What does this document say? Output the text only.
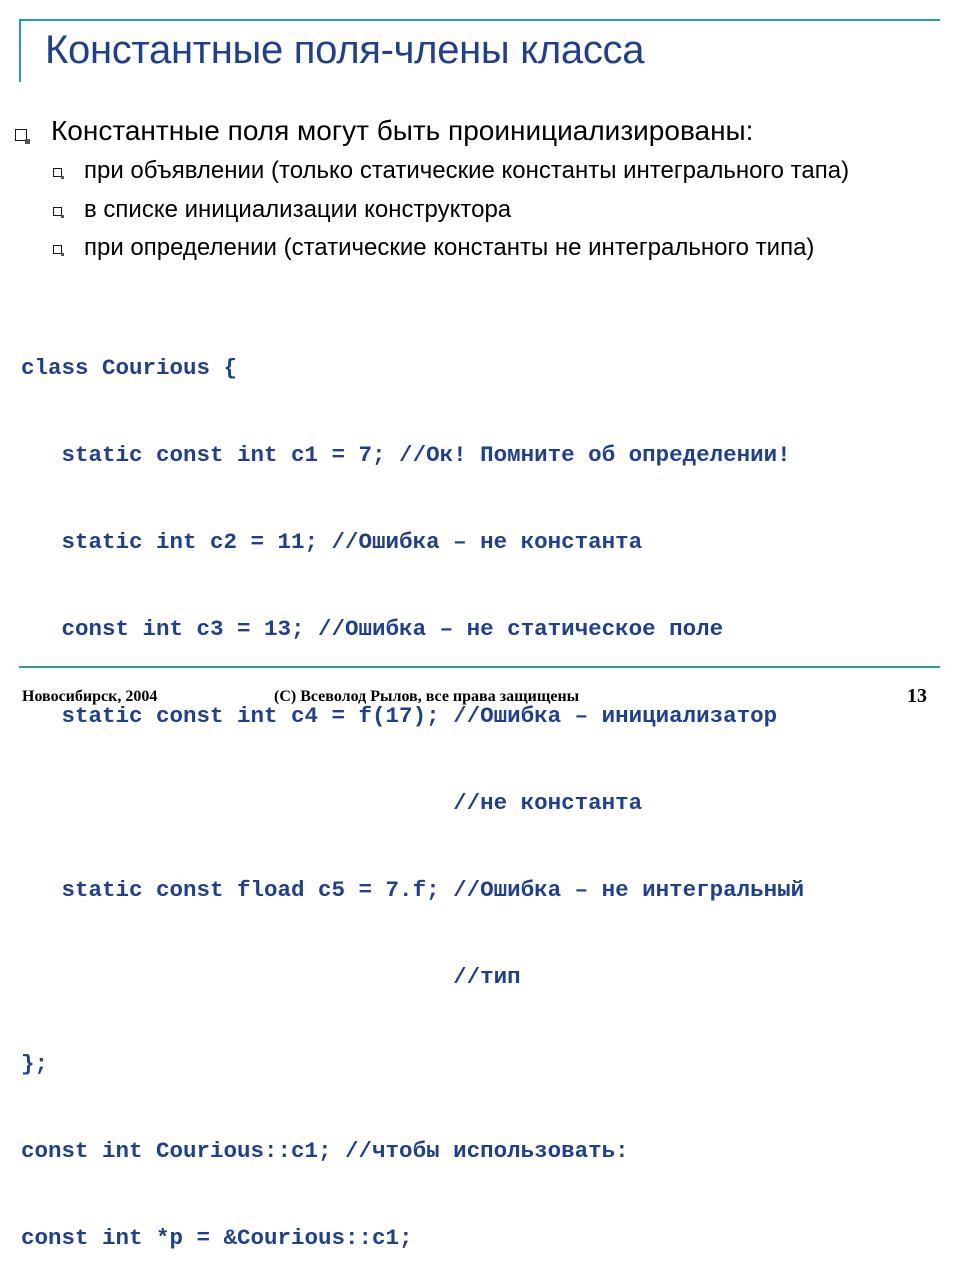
Константные поля-члены класса
Константные поля могут быть проинициализированы:
при объявлении (только статические константы интегрального тапа)
в списке инициализации конструктора
при определении (статические константы не интегрального типа)

class Courious {

static const int c1 = 7; //Ок! Помните об определении!

static int c2 = 11; //Ошибка – не константа

const int c3 = 13; //Ошибка – не статическое поле

static const int c4 = f(17); //Ошибка – инициализатор

//не константа

static const fload c5 = 7.f; //Ошибка – не интегральный

//тип

};

const int Courious::c1; //чтобы использовать:

const int *p = &Courious::c1;

Новосибирск, 2004	(C) Всеволод Рылов, все права защищены	13
